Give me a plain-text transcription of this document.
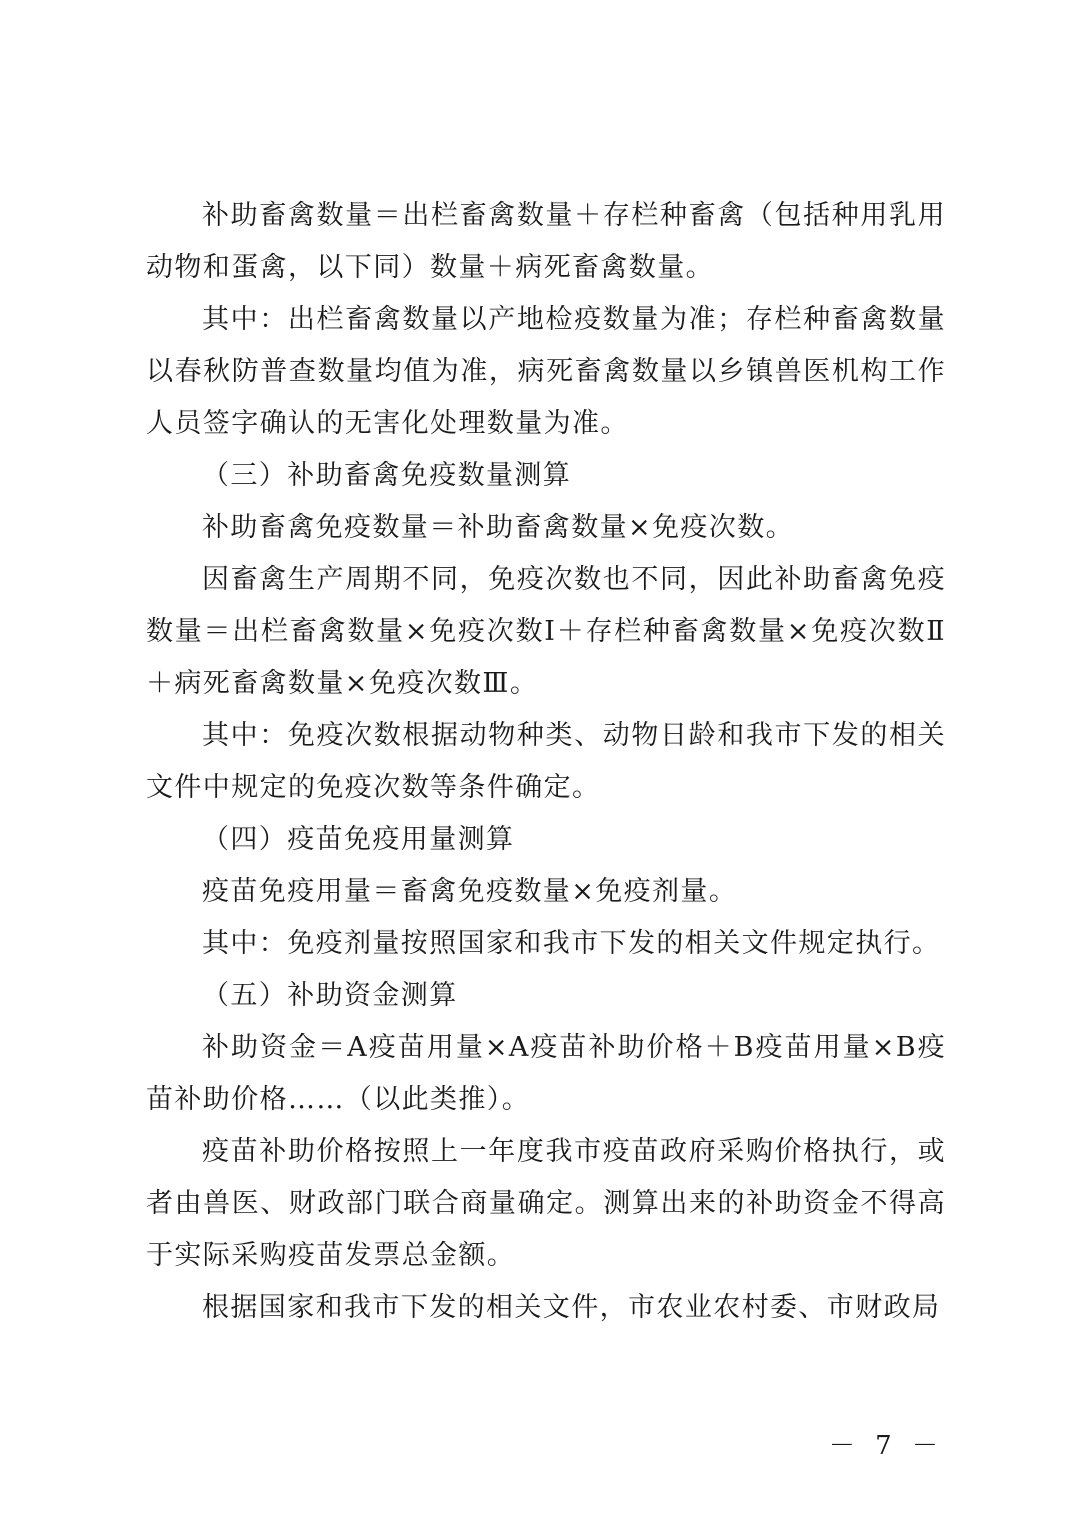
补助畜禽数量＝出栏畜禽数量＋存栏种畜禽（包括种用乳用动物和蛋禽，以下同）数量＋病死畜禽数量。

其中：出栏畜禽数量以产地检疫数量为准；存栏种畜禽数量以春秋防普查数量均值为准，病死畜禽数量以乡镇兽医机构工作人员签字确认的无害化处理数量为准。

（三）补助畜禽免疫数量测算

补助畜禽免疫数量＝补助畜禽数量×免疫次数。

因畜禽生产周期不同，免疫次数也不同，因此补助畜禽免疫数量＝出栏畜禽数量×免疫次数Ⅰ＋存栏种畜禽数量×免疫次数Ⅱ＋病死畜禽数量×免疫次数Ⅲ。

其中：免疫次数根据动物种类、动物日龄和我市下发的相关文件中规定的免疫次数等条件确定。

（四）疫苗免疫用量测算

疫苗免疫用量＝畜禽免疫数量×免疫剂量。

其中：免疫剂量按照国家和我市下发的相关文件规定执行。

（五）补助资金测算

补助资金＝A疫苗用量×A疫苗补助价格＋B疫苗用量×B疫苗补助价格……（以此类推）。

疫苗补助价格按照上一年度我市疫苗政府采购价格执行，或者由兽医、财政部门联合商量确定。测算出来的补助资金不得高于实际采购疫苗发票总金额。

根据国家和我市下发的相关文件，市农业农村委、市财政局

－ 7 －
